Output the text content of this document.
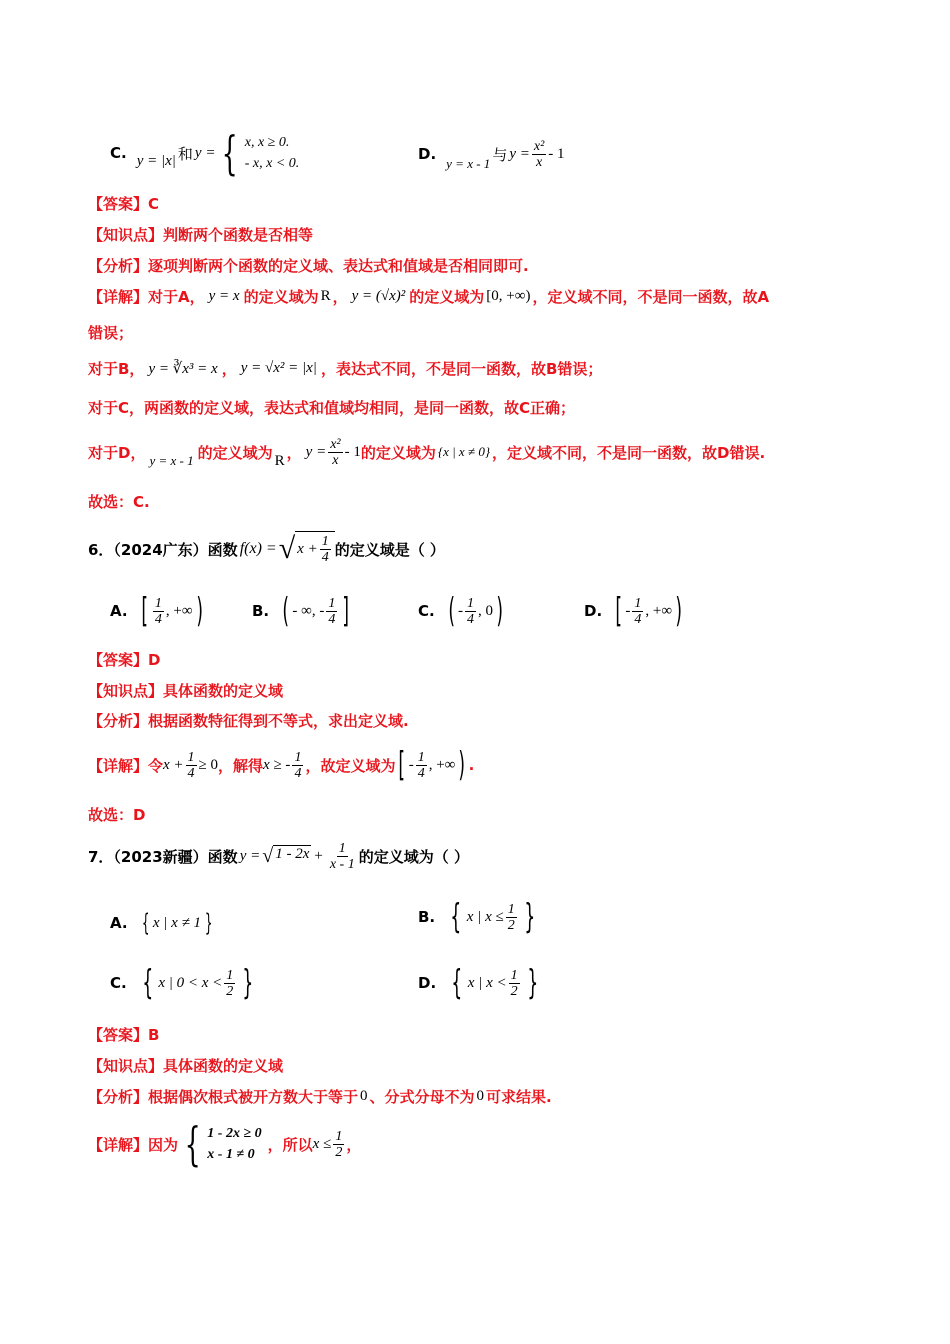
C. y = |x| 和 y = { x, x ≥ 0.
- x, x < 0.
D.
y = x - 1 与 $y = \frac{\text{x²}}{x} - 1$
【答案】C
【知识点】判断两个函数是否相等
【分析】逐项判断两个函数的定义域、表达式和值域是否相同即可.
【详解】对于A， y = x 的定义域为 R ， y = (√x)² 的定义域为 [0, +∞) ，定义域不同，不是同一函数，故A
错误；
对于B， y = ∛x³ = x ， y = √x² = |x| ，表达式不同，不是同一函数，故B错误；
对于C，两函数的定义域，表达式和值域均相同，是同一函数，故C正确；
对于D， y = x - 1 的定义域为 R ， $y = \frac{\text{x²}}{x} - 1$ 的定义域为 {x | x ≠ 0} ，定义域不同，不是同一函数，故D错误.
故选：C.
6．（2024广东）函数 f(x) = √ $x + \frac{1}{4}$ 的定义域是（ ）
A. [ $\frac{1}{4}$ , +∞ )	B. ( - ∞, - $\frac{1}{4}$ ]	C. ( - $\frac{1}{4}$ , 0 )	D. [ - $\frac{1}{4}$ , +∞ )
【答案】D
【知识点】具体函数的定义域
【分析】根据函数特征得到不等式，求出定义域.
【详解】令 $x + \frac{1}{4} \ge 0$ ，解得 x ≥ - $\frac{1}{4}$ ，故定义域为 [ - $\frac{1}{4}$ , +∞ ) .
故选：D
7．（2023新疆）函数 y = √ $1 - 2x + \frac{1}{x - 1}$ 的定义域为（ ）
A. { x | x ≠ 1 }	B. { x | $x \le \frac{1}{2}$ }
C. { x | $0 < x < \frac{1}{2}$ }	D. { x | $x < \frac{1}{2}$ }
【答案】B
【知识点】具体函数的定义域
【分析】根据偶次根式被开方数大于等于 0 、分式分母不为 0 可求结果.
【详解】因为 { 1 - 2x ≥ 0
x - 1 ≠ 0
，所以 $x \le \frac{1}{2}$ ，
